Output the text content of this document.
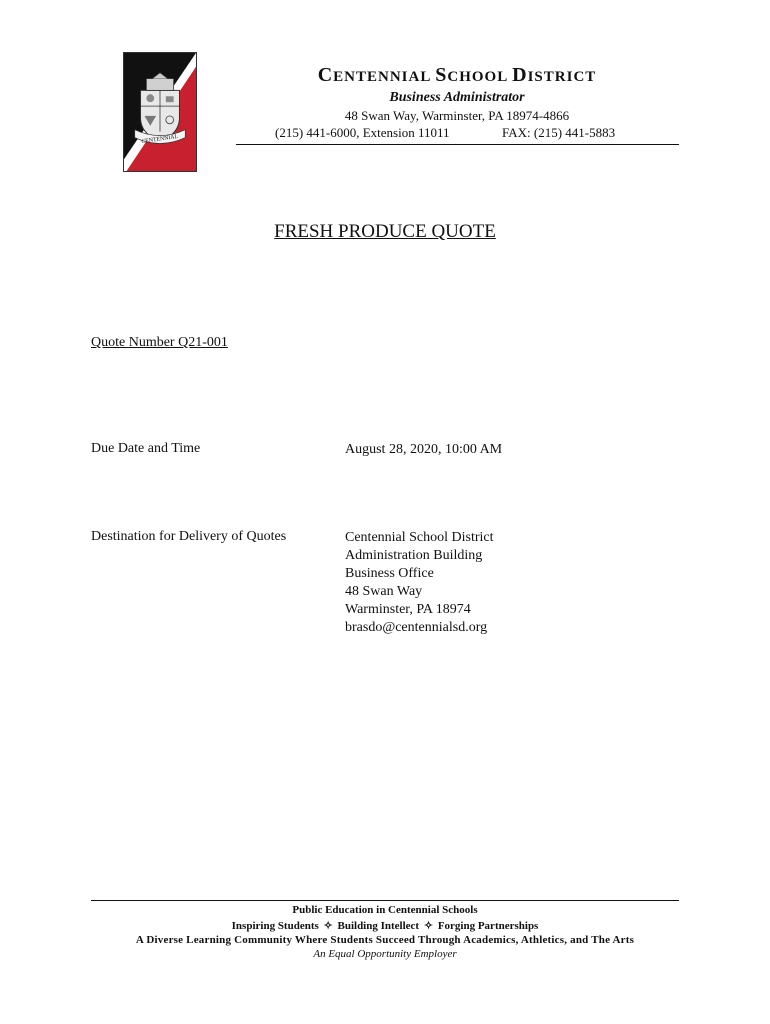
CENTENNIAL
CENTENNIAL SCHOOL DISTRICT
Business Administrator
48 Swan Way, Warminster, PA 18974-4866
(215) 441-6000, Extension 11011	FAX: (215) 441-5883
FRESH PRODUCE QUOTE
Quote Number Q21-001
Due Date and Time	August 28, 2020, 10:00 AM
Destination for Delivery of Quotes	Centennial School District
Administration Building
Business Office
48 Swan Way
Warminster, PA 18974
brasdo@centennialsd.org
Public Education in Centennial Schools
Inspiring Students ✧ Building Intellect ✧ Forging Partnerships
A Diverse Learning Community Where Students Succeed Through Academics, Athletics, and The Arts
An Equal Opportunity Employer
